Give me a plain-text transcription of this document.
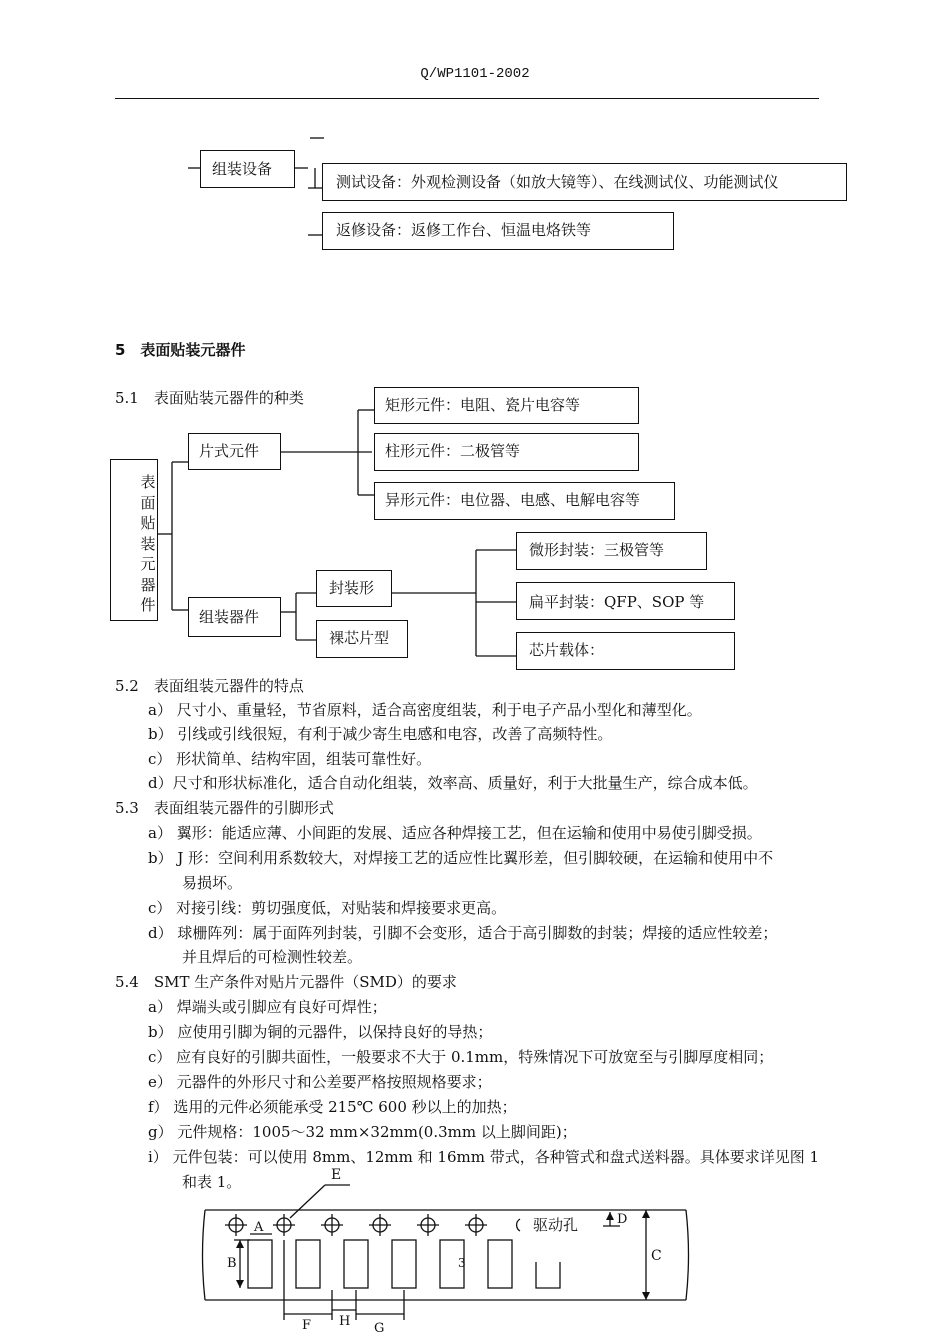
Q/WP1101-2002
组装设备
测试设备：外观检测设备（如放大镜等）、在线测试仪、功能测试仪
返修设备：返修工作台、恒温电烙铁等
5　表面贴装元器件
5.1　表面贴装元器件的种类
表面贴装元器件
片式元件
矩形元件：电阻、瓷片电容等
柱形元件：二极管等
异形元件：电位器、电感、电解电容等
组装器件
封装形
裸芯片型
微形封装：三极管等
扁平封装：QFP、SOP 等
芯片载体：
5.2　表面组装元器件的特点
a） 尺寸小、重量轻，节省原料，适合高密度组装，利于电子产品小型化和薄型化。
b） 引线或引线很短，有利于减少寄生电感和电容，改善了高频特性。
c） 形状简单、结构牢固，组装可靠性好。
d）尺寸和形状标准化，适合自动化组装，效率高、质量好，利于大批量生产，综合成本低。
5.3　表面组装元器件的引脚形式
a） 翼形：能适应薄、小间距的发展、适应各种焊接工艺，但在运输和使用中易使引脚受损。
b） J 形：空间利用系数较大，对焊接工艺的适应性比翼形差，但引脚较硬，在运输和使用中不
易损坏。
c） 对接引线：剪切强度低，对贴装和焊接要求更高。
d） 球栅阵列：属于面阵列封装，引脚不会变形，适合于高引脚数的封装；焊接的适应性较差；
并且焊后的可检测性较差。
5.4　SMT 生产条件对贴片元器件（SMD）的要求
a） 焊端头或引脚应有良好可焊性；
b） 应使用引脚为铜的元器件，以保持良好的导热；
c） 应有良好的引脚共面性，一般要求不大于 0.1mm，特殊情况下可放宽至与引脚厚度相同；
e） 元器件的外形尺寸和公差要严格按照规格要求；
f） 选用的元件必须能承受 215℃ 600 秒以上的加热；
g） 元件规格：1005～32 mm×32mm(0.3mm 以上脚间距)；
i） 元件包装：可以使用 8mm、12mm 和 16mm 带式，各种管式和盘式送料器。具体要求详见图 1
和表 1。	E
A
B	C
D
F H G
驱动孔
3
